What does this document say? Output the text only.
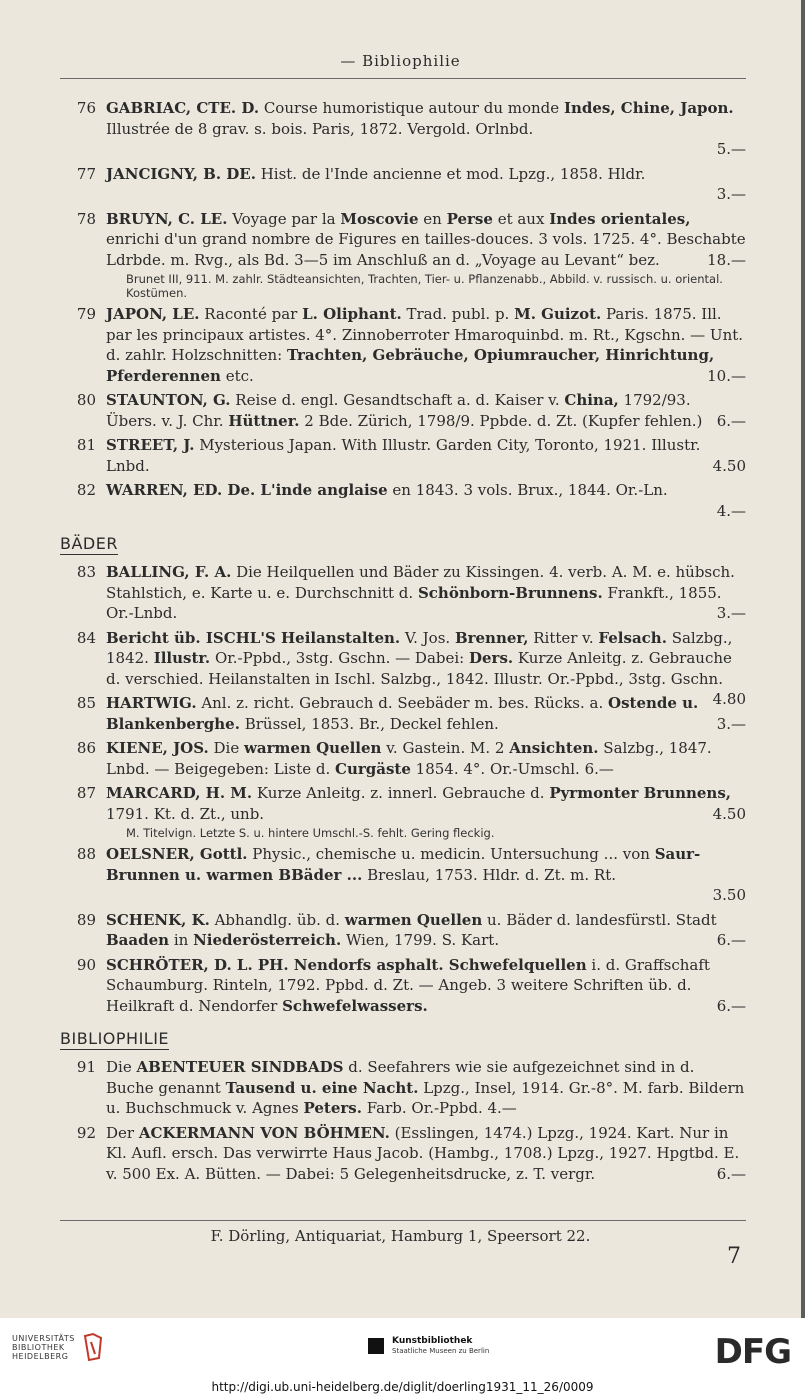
— Bibliophilie
76 GABRIAC, CTE. D. Course humoristique autour du monde Indes, Chine, Japon. Illustrée de 8 grav. s. bois. Paris, 1872. Vergold. Orlnbd.
5.—
77 JANCIGNY, B. DE. Hist. de l'Inde ancienne et mod. Lpzg., 1858. Hldr.
3.—
78 BRUYN, C. LE. Voyage par la Moscovie en Perse et aux Indes orientales, enrichi d'un grand nombre de Figures en tailles-douces. 3 vols. 1725. 4°. Beschabte Ldrbde. m. Rvg., als Bd. 3—5 im Anschluß an d. „Voyage au Levant“ bez.	18.—
Brunet III, 911. M. zahlr. Städteansichten, Trachten, Tier- u. Pflanzenabb., Abbild. v. russisch. u. oriental. Kostümen.
79 JAPON, LE. Raconté par L. Oliphant. Trad. publ. p. M. Guizot. Paris. 1875. Ill. par les principaux artistes. 4°. Zinnoberroter Hmaroquinbd. m. Rt., Kgschn. — Unt. d. zahlr. Holzschnitten: Trachten, Gebräuche, Opiumraucher, Hinrichtung, Pferderennen etc.	10.—
80 STAUNTON, G. Reise d. engl. Gesandtschaft a. d. Kaiser v. China, 1792/93. Übers. v. J. Chr. Hüttner. 2 Bde. Zürich, 1798/9. Ppbde. d. Zt. (Kupfer fehlen.) 6.—
81 STREET, J. Mysterious Japan. With Illustr. Garden City, Toronto, 1921. Illustr. Lnbd.	4.50
82 WARREN, ED. De. L'inde anglaise en 1843. 3 vols. Brux., 1844. Or.-Ln.
4.—
BÄDER
83 BALLING, F. A. Die Heilquellen und Bäder zu Kissingen. 4. verb. A. M. e. hübsch. Stahlstich, e. Karte u. e. Durchschnitt d. Schönborn-Brunnens. Frankft., 1855. Or.-Lnbd.	3.—
84 Bericht üb. ISCHL'S Heilanstalten. V. Jos. Brenner, Ritter v. Felsach. Salzbg., 1842. Illustr. Or.-Ppbd., 3stg. Gschn. — Dabei: Ders. Kurze Anleitg. z. Gebrauche d. verschied. Heilanstalten in Ischl. Salzbg., 1842. Illustr. Or.-Ppbd., 3stg. Gschn.
4.80
85 HARTWIG. Anl. z. richt. Gebrauch d. Seebäder m. bes. Rücks. a. Ostende u. Blankenberghe. Brüssel, 1853. Br., Deckel fehlen.	3.—
86 KIENE, JOS. Die warmen Quellen v. Gastein. M. 2 Ansichten. Salzbg., 1847. Lnbd. — Beigegeben: Liste d. Curgäste 1854. 4°. Or.-Umschl. 6.—
87 MARCARD, H. M. Kurze Anleitg. z. innerl. Gebrauche d. Pyrmonter Brunnens, 1791. Kt. d. Zt., unb.	4.50
M. Titelvign. Letzte S. u. hintere Umschl.-S. fehlt. Gering fleckig.
88 OELSNER, Gottl. Physic., chemische u. medicin. Untersuchung ... von Saur-Brunnen u. warmen BBäder ... Breslau, 1753. Hldr. d. Zt. m. Rt.
3.50
89 SCHENK, K. Abhandlg. üb. d. warmen Quellen u. Bäder d. landesfürstl. Stadt Baaden in Niederösterreich. Wien, 1799. S. Kart.	6.—
90 SCHRÖTER, D. L. PH. Nendorfs asphalt. Schwefelquellen i. d. Graffschaft Schaumburg. Rinteln, 1792. Ppbd. d. Zt. — Angeb. 3 weitere Schriften üb. d. Heilkraft d. Nendorfer Schwefelwassers.	6.—
BIBLIOPHILIE
91 Die ABENTEUER SINDBADS d. Seefahrers wie sie aufgezeichnet sind in d. Buche genannt Tausend u. eine Nacht. Lpzg., Insel, 1914. Gr.-8°. M. farb. Bildern u. Buchschmuck v. Agnes Peters. Farb. Or.-Ppbd. 4.—
92 Der ACKERMANN VON BÖHMEN. (Esslingen, 1474.) Lpzg., 1924. Kart. Nur in Kl. Aufl. ersch. Das verwirrte Haus Jacob. (Hambg., 1708.) Lpzg., 1927. Hpgtbd. E. v. 500 Ex. A. Bütten. — Dabei: 5 Gelegenheitsdrucke, z. T. vergr.	6.—
F. Dörling, Antiquariat, Hamburg 1, Speersort 22.
7
UNIVERSITÄTS
BIBLIOTHEK
HEIDELBERG
Kunstbibliothek
Staatliche Museen zu Berlin	DFG
http://digi.ub.uni-heidelberg.de/diglit/doerling1931_11_26/0009
